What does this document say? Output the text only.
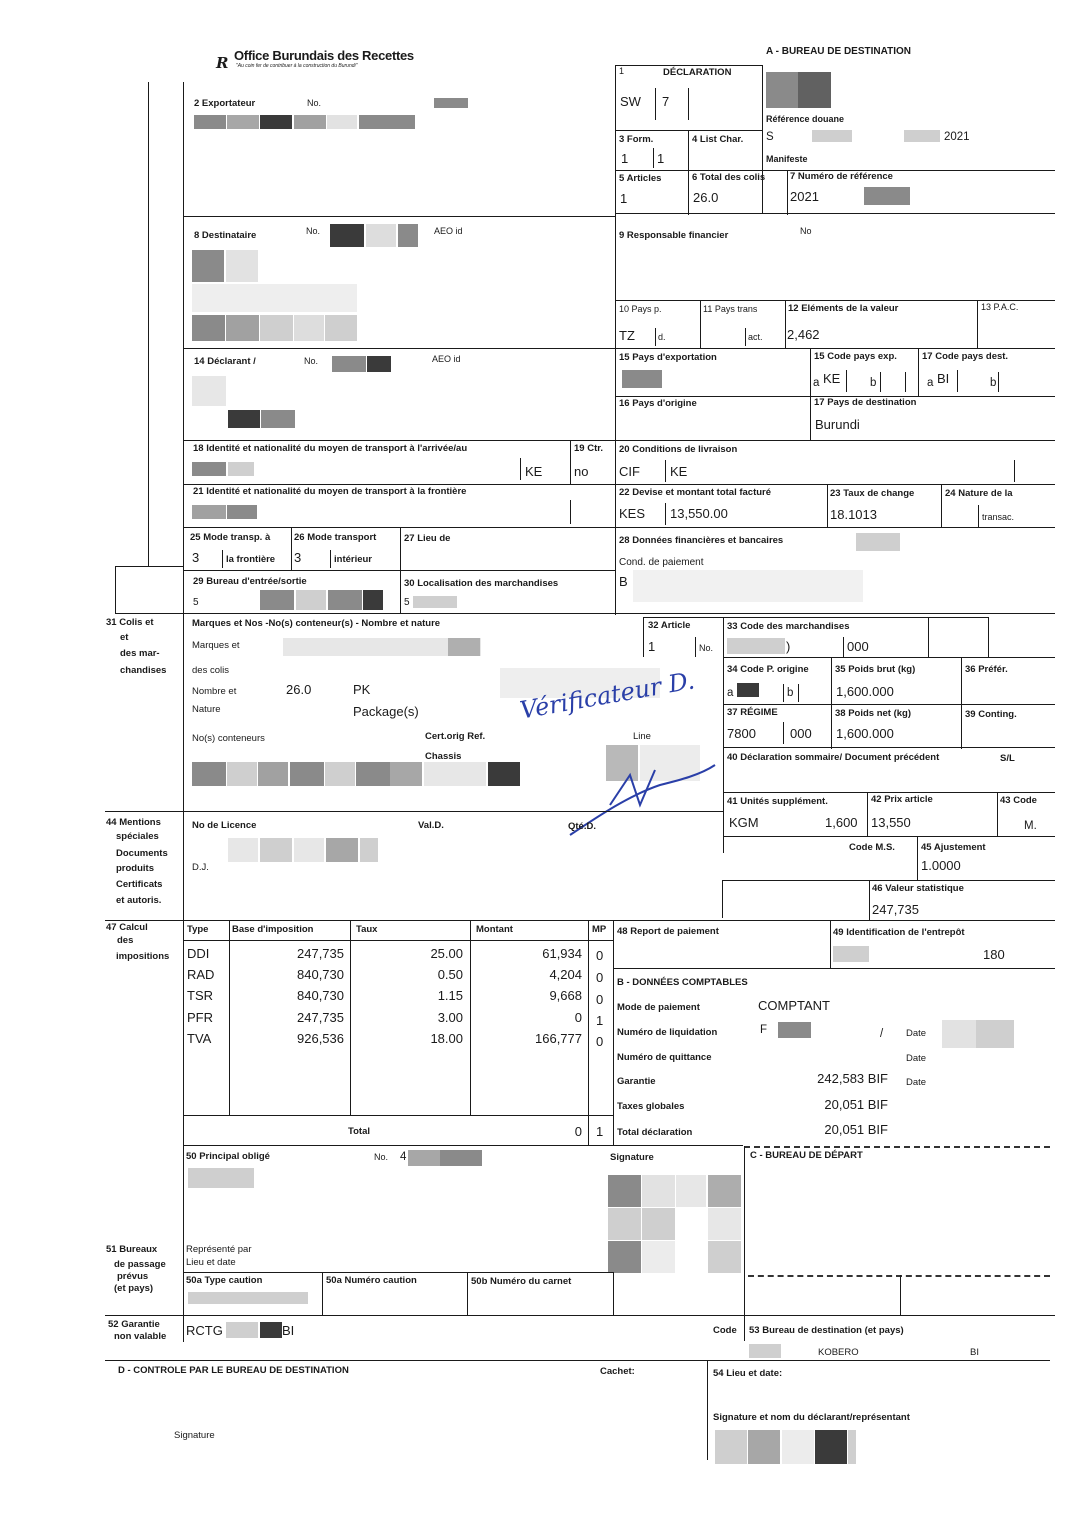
R Office Burundais des Recettes
"Au coin fer de contribuer à la construction du Burundi"
A - BUREAU DE DESTINATION
1	DÉCLARATION
SW 7
Référence douane
S	2021
Manifeste
3 Form.
1 1
4 List Char.
5 Articles
1
6 Total des colis
26.0
7 Numéro de référence
2021
2 Exportateur	No.
8 Destinataire	No.	AEO id	9 Responsable financier	No
10 Pays p.
TZ	d.
11 Pays trans
act.
12 Eléments de la valeur
2,462
13 P.A.C.
14 Déclarant /	No.	AEO id	15 Pays d'exportation	15 Code pays exp.
a KE	b
17 Code pays dest.
a BI	b
16 Pays d'origine	17 Pays de destination
Burundi
18 Identité et nationalité du moyen de transport à l'arrivée/au
KE
19 Ctr.
no
20 Conditions de livraison
CIF KE
21 Identité et nationalité du moyen de transport à la frontière	22 Devise et montant total facturé
KES 13,550.00
23 Taux de change
18.1013
24 Nature de la
transac.
25 Mode transp. à
3	la frontière
26 Mode transport
3	intérieur
27 Lieu de	28 Données financières et bancaires
Cond. de paiement
B
29 Bureau d'entrée/sortie
5
30 Localisation des marchandises
5
31 Colis et
et
des mar-
chandises
Marques et Nos -No(s) conteneur(s) - Nombre et nature
Marques et
des colis
Nombre et	26.0	PK
Nature	Package(s)
No(s) conteneurs	Cert.orig Ref.
Chassis
Line
Vérificateur D.
32 Article
1	No.
33 Code des marchandises
)	000
34 Code P. origine
a	b
35 Poids brut (kg)
1,600.000
36 Préfér.
37 RÉGIME
7800	000
38 Poids net (kg)
1,600.000
39 Conting.
40 Déclaration sommaire/ Document précédent	S/L
41 Unités supplément.
KGM	1,600
42 Prix article
13,550
43 Code
M.
44 Mentions
spéciales
Documents
produits
Certificats
et autoris.
No de Licence	Val.D.	Qté.D.
D.J.
Code M.S.	45 Ajustement
1.0000
46 Valeur statistique
247,735
47 Calcul
des
impositions
Type Base d'imposition	Taux	Montant	MP
DDI	247,735	25.00	61,934 0
RAD	840,730	0.50	4,204 0
TSR	840,730	1.15	9,668 0
PFR	247,735	3.00	0 1
TVA	926,536	18.00	166,777 0
Total	0 1
48 Report de paiement	49 Identification de l'entrepôt
180
B - DONNÉES COMPTABLES
Mode de paiement	COMPTANT
Numéro de liquidation	F	/ Date
Numéro de quittance	Date
Garantie	242,583 BIF Date
Taxes globales	20,051 BIF
Total déclaration	20,051 BIF
C - BUREAU DE DÉPART
50 Principal obligé	No. 4	Signature
Représenté par
Lieu et date
51 Bureaux
de passage
prévus
(et pays)
50a Type caution	50a Numéro caution	50b Numéro du carnet
52 Garantie
non valable RCTG	BI	Code 53 Bureau de destination (et pays)
KOBERO	BI
D - CONTROLE PAR LE BUREAU DE DESTINATION	Cachet:	54 Lieu et date:
Signature et nom du déclarant/représentant
Signature
